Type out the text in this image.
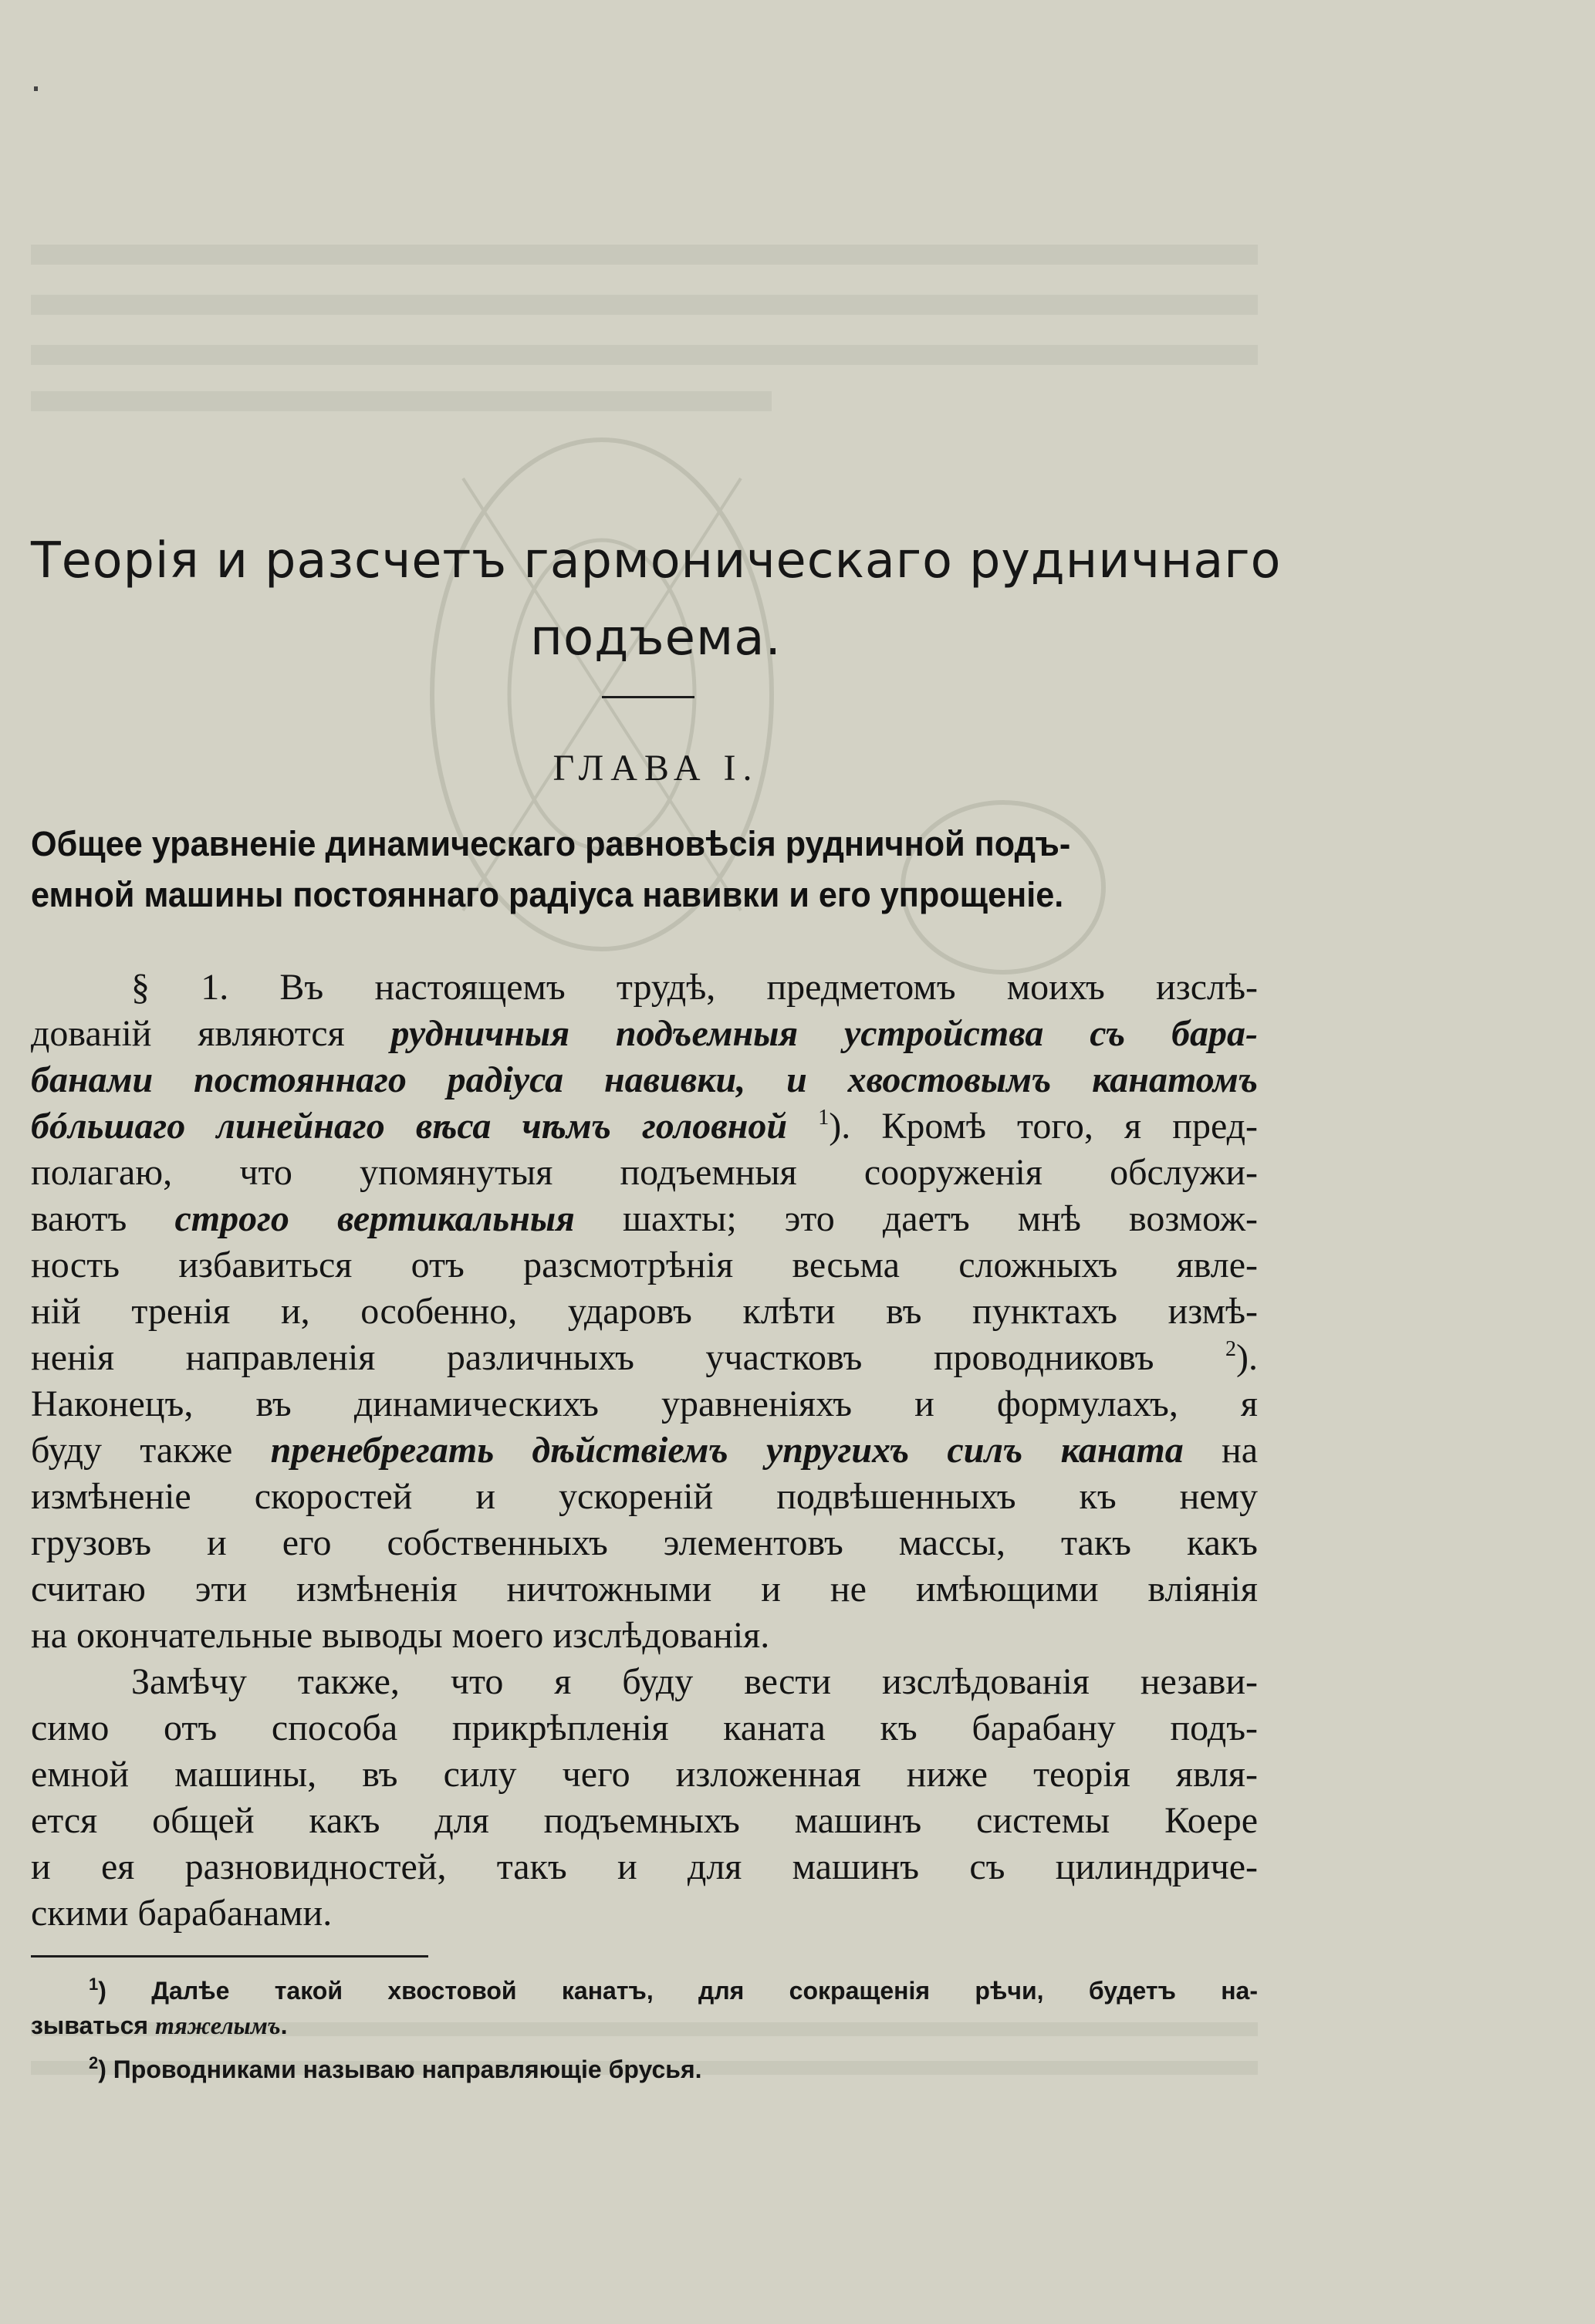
Теорія и разсчетъ гармоническаго рудничнаго
подъема.
ГЛАВА I.
Общее уравненіе динамическаго равновѣсія рудничной подъ-
емной машины постояннаго радіуса навивки и его упрощеніе.
§ 1. Въ настоящемъ трудѣ, предметомъ моихъ изслѣ-
дованій являются рудничныя подъемныя устройства съ бара-
банами постояннаго радіуса навивки, и хвостовымъ канатомъ
бóльшаго линейнаго вѣса чѣмъ головной $^1$). Кромѣ того, я пред-
полагаю, что упомянутыя подъемныя сооруженія обслужи-
ваютъ строго вертикальныя шахты; это даетъ мнѣ возмож-
ность избавиться отъ разсмотрѣнія весьма сложныхъ явле-
ній тренія и, особенно, ударовъ клѣти въ пунктахъ измѣ-
ненія направленія различныхъ участковъ проводниковъ $^2$).
Наконецъ, въ динамическихъ уравненіяхъ и формулахъ, я
буду также пренебрегать дѣйствіемъ упругихъ силъ каната на
измѣненіе скоростей и ускореній подвѣшенныхъ къ нему
грузовъ и его собственныхъ элементовъ массы, такъ какъ
считаю эти измѣненія ничтожными и не имѣющими вліянія
на окончательные выводы моего изслѣдованія.
Замѣчу также, что я буду вести изслѣдованія незави-
симо отъ способа прикрѣпленія каната къ барабану подъ-
емной машины, въ силу чего изложенная ниже теорія явля-
ется общей какъ для подъемныхъ машинъ системы Коере
и ея разновидностей, такъ и для машинъ съ цилиндриче-
скими барабанами.
$^1$) Далѣе такой хвостовой канатъ, для сокращенія рѣчи, будетъ на-
зываться тяжелымъ.
$^2$) Проводниками называю направляющіе брусья.
